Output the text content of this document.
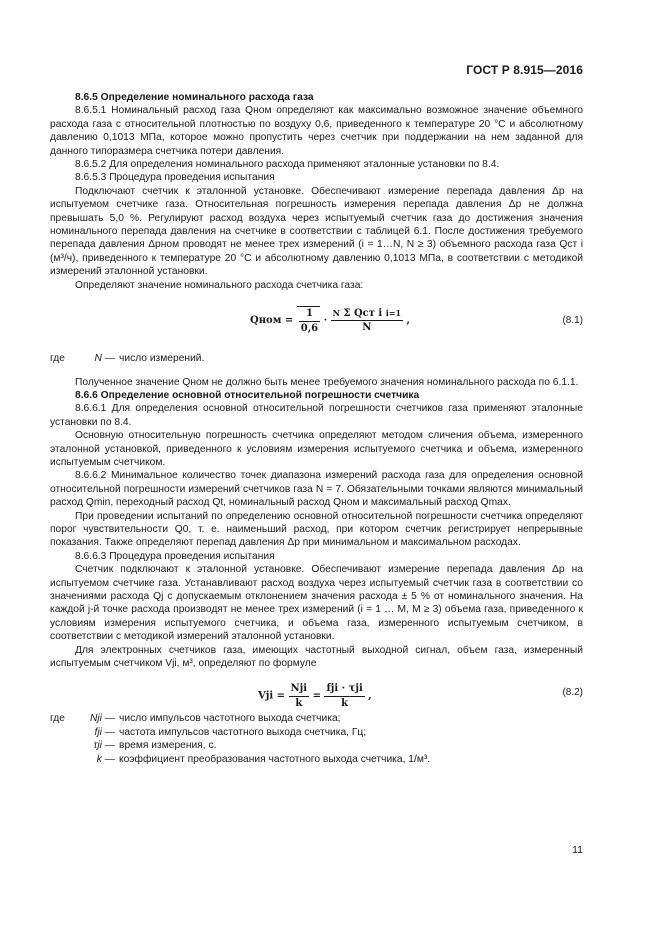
ГОСТ Р 8.915—2016

8.6.5 Определение номинального расхода газа

8.6.5.1 Номинальный расход газа Qном определяют как максимально возможное значение объемного расхода газа с относительной плотностью по воздуху 0,6, приведенного к температуре 20 °С и абсолютному давлению 0,1013 МПа, которое можно пропустить через счетчик при поддержании на нем заданной для данного типоразмера счетчика потери давления.

8.6.5.2 Для определения номинального расхода применяют эталонные установки по 8.4.

8.6.5.3 Процедура проведения испытания

Подключают счетчик к эталонной установке. Обеспечивают измерение перепада давления Δp на испытуемом счетчике газа. Относительная погрешность измерения перепада давления Δp не должна превышать 5,0 %. Регулируют расход воздуха через испытуемый счетчик газа до достижения значения номинального перепада давления на счетчике в соответствии с таблицей 6.1. После достижения требуемого перепада давления Δpном проводят не менее трех измерений (i = 1…N, N ≥ 3) объемного расхода газа Qст i (м³/ч), приведенного к температуре 20 °С и абсолютному давлению 0,1013 МПа, в соответствии с методикой измерений эталонной установки.

Определяют значение номинального расхода счетчика газа:

Qном = $\frac{1}{0,6}$ ·
N Σ Qст i i=1
N
,	(8.1)
где	N — число измерений.

Полученное значение Qном не должно быть менее требуемого значения номинального расхода по 6.1.1.

8.6.6 Определение основной относительной погрешности счетчика

8.6.6.1 Для определения основной относительной погрешности счетчиков газа применяют эталонные установки по 8.4.

Основную относительную погрешность счетчика определяют методом сличения объема, измеренного эталонной установкой, приведенного к условиям измерения испытуемого счетчика и объема, измеренного испытуемым счетчиком.

8.6.6.2 Минимальное количество точек диапазона измерений расхода газа для определения основной относительной погрешности измерений счетчиков газа N = 7. Обязательными точками являются минимальный расход Qmin, переходный расход Qt, номинальный расход Qном и максимальный расход Qmax.

При проведении испытаний по определению основной относительной погрешности счетчика определяют порог чувствительности Q0, т. е. наименьший расход, при котором счетчик регистрирует непрерывные показания. Также определяют перепад давления Δp при минимальном и максимальном расходах.

8.6.6.3 Процедура проведения испытания

Счетчик подключают к эталонной установке. Обеспечивают измерение перепада давления Δp на испытуемом счетчике газа. Устанавливают расход воздуха через испытуемый счетчик газа в соответствии со значениями расхода Qj с допускаемым отклонением значения расхода ± 5 % от номинального значения. На каждой j-й точке расхода производят не менее трех измерений (i = 1 … M, M ≥ 3) объема газа, приведенного к условиям измерения испытуемого счетчика, и объема газа, измеренного испытуемым счетчиком, в соответствии с методикой измерений эталонной установки.

Для электронных счетчиков газа, имеющих частотный выходной сигнал, объем газа, измеренный испытуемым счетчиком Vji, м³, определяют по формуле

Vji =
Nji
k
=
fji · τji
k
,	(8.2)
где	Nji — число импульсов частотного выхода счетчика;
fji — частота импульсов частотного выхода счетчика, Гц;
τji — время измерения, с.
k — коэффициент преобразования частотного выхода счетчика, 1/м³.
11
